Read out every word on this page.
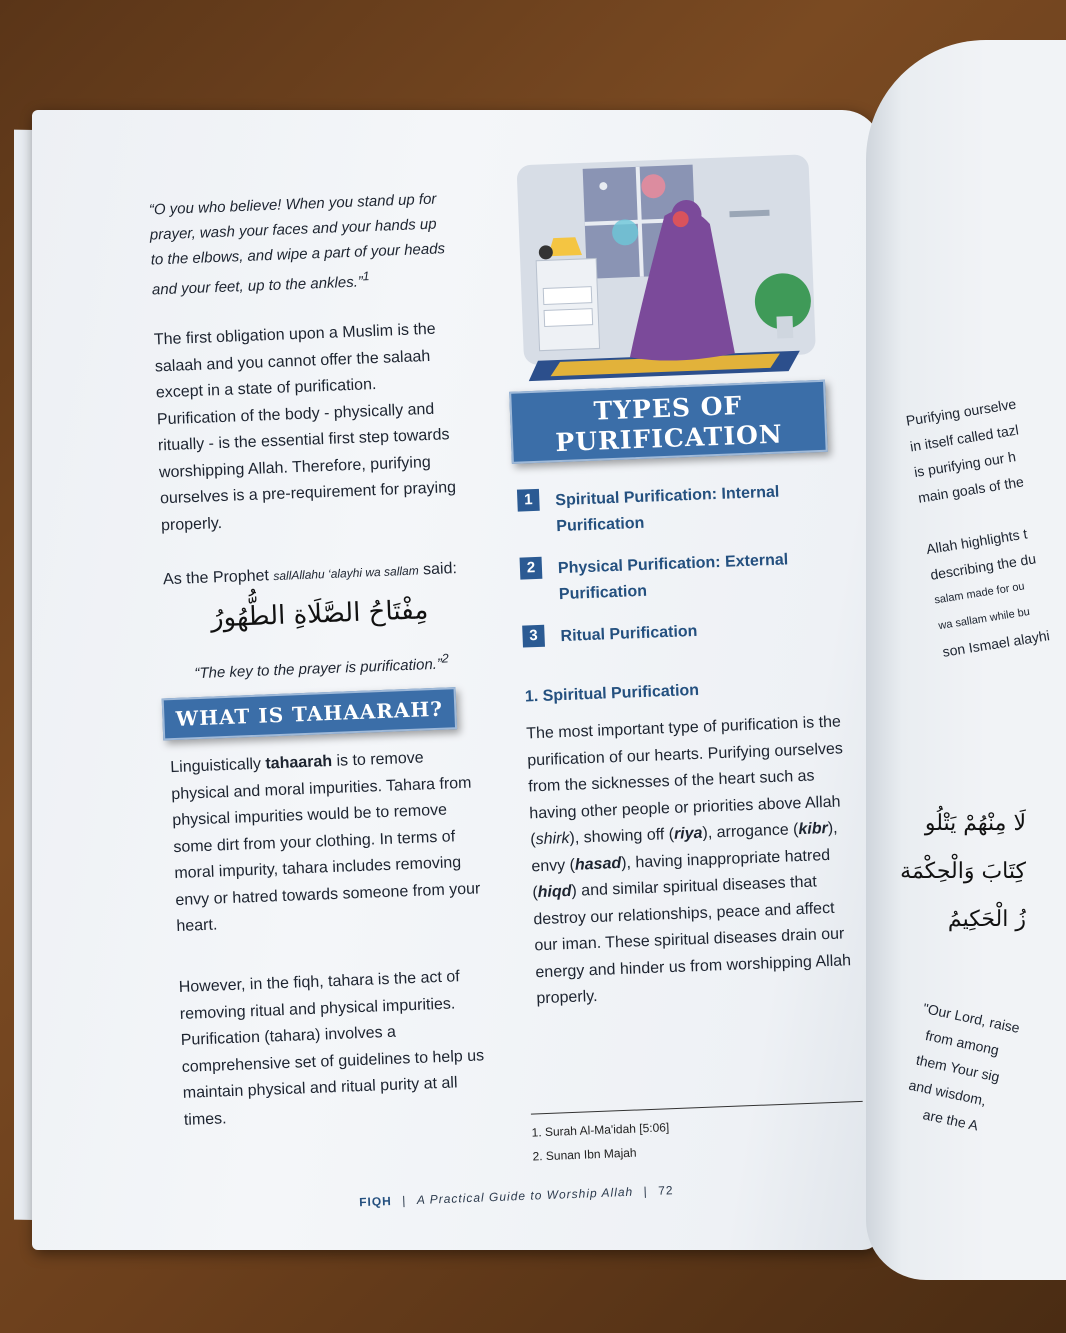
“O you who believe! When you stand up for prayer, wash your faces and your hands up to the elbows, and wipe a part of your heads and your feet, up to the ankles.”$^1$
The first obligation upon a Muslim is the salaah and you cannot offer the salaah except in a state of purification. Purification of the body - physically and ritually - is the essential first step towards worshipping Allah. Therefore, purifying ourselves is a pre-requirement for praying properly.
As the Prophet sallAllahu ‘alayhi wa sallam said:
مِفْتَاحُ الصَّلَاةِ الطُّهُورُ
“The key to the prayer is purification.”$^2$
WHAT IS TAHAARAH?
Linguistically tahaarah is to remove physical and moral impurities. Tahara from physical impurities would be to remove some dirt from your clothing. In terms of moral impurity, tahara includes removing envy or hatred towards someone from your heart.
However, in the fiqh, tahara is the act of removing ritual and physical impurities. Purification (tahara) involves a comprehensive set of guidelines to help us maintain physical and ritual purity at all times.
TYPES OF
PURIFICATION
1	Spiritual Purification: Internal Purification
2	Physical Purification: External Purification
3	Ritual Purification
1. Spiritual Purification
The most important type of purification is the purification of our hearts. Purifying ourselves from the sicknesses of the heart such as having other people or priorities above Allah (shirk), showing off (riya), arrogance (kibr), envy (hasad), having inappropriate hatred (hiqd) and similar spiritual diseases that destroy our relationships, peace and affect our iman. These spiritual diseases drain our energy and hinder us from worshipping Allah properly.
1. Surah Al-Ma'idah [5:06]
2. Sunan Ibn Majah
FIQH | A Practical Guide to Worship Allah | 72
Purifying ourselve
in itself called tazl
is purifying our h
main goals of the
Allah highlights t
describing the du
salam made for ou
wa sallam while bu
son Ismael alayhi
لَا مِنْهُمْ يَتْلُو
كِتَابَ وَالْحِكْمَة
زُ الْحَكِيمُ
"Our Lord, raise
from among
them Your sig
and wisdom,
are the A
